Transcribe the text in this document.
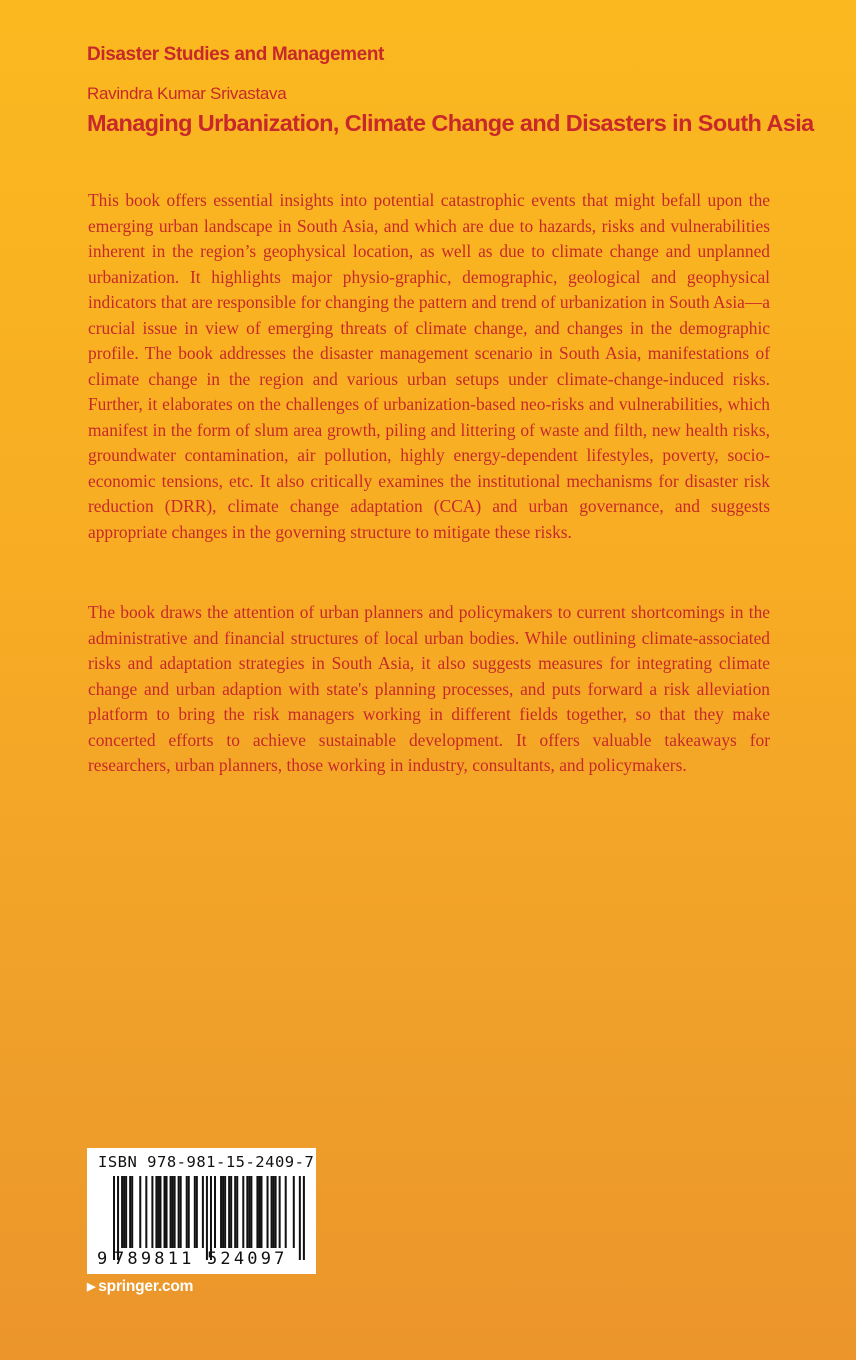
Disaster Studies and Management
Ravindra Kumar Srivastava
Managing Urbanization, Climate Change and Disasters in South Asia

This book offers essential insights into potential catastrophic events that might befall upon the emerging urban landscape in South Asia, and which are due to hazards, risks and vulnerabilities inherent in the region’s geophysical location, as well as due to climate change and unplanned urbanization. It highlights major physio-graphic, demographic, geological and geophysical indicators that are responsible for changing the pattern and trend of urbanization in South Asia—a crucial issue in view of emerging threats of climate change, and changes in the demographic profile. The book addresses the disaster management scenario in South Asia, manifestations of climate change in the region and various urban setups under climate-change-induced risks. Further, it elaborates on the challenges of urbanization-based neo-risks and vulnerabilities, which manifest in the form of slum area growth, piling and littering of waste and filth, new health risks, groundwater contamination, air pollution, highly energy-dependent lifestyles, poverty, socio-economic tensions, etc. It also critically examines the institutional mechanisms for disaster risk reduction (DRR), climate change adaptation (CCA) and urban governance, and suggests appropriate changes in the governing structure to mitigate these risks.

The book draws the attention of urban planners and policymakers to current shortcomings in the administrative and financial structures of local urban bodies. While outlining climate-associated risks and adaptation strategies in South Asia, it also suggests measures for integrating climate change and urban adaption with state's planning processes, and puts forward a risk alleviation platform to bring the risk managers working in different fields together, so that they make concerted efforts to achieve sustainable development. It offers valuable takeaways for researchers, urban planners, those working in industry, consultants, and policymakers.

ISBN 978-981-15-2409-7
9 789811 524097
▶ springer.com
